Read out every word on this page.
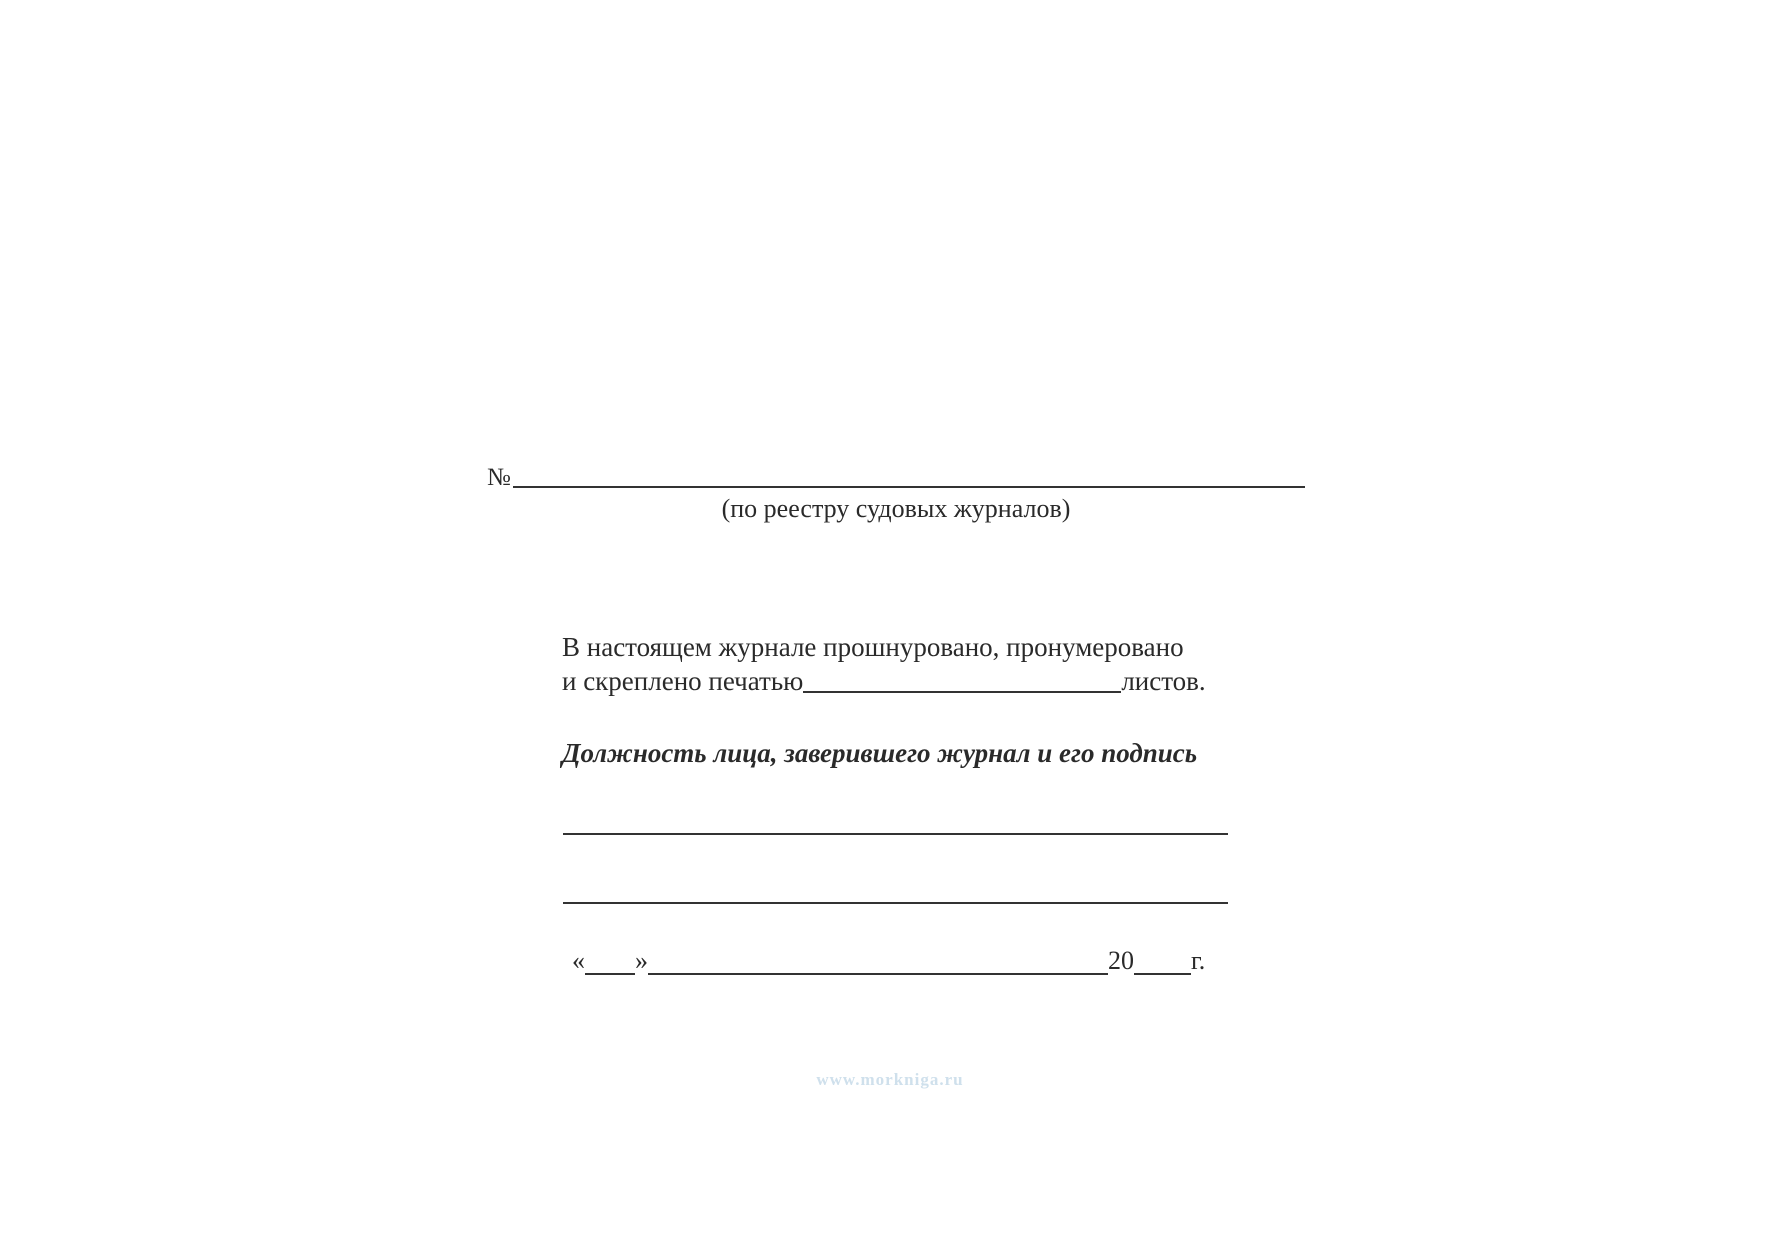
№
(по реестру судовых журналов)
В настоящем журнале прошнуровано, пронумеровано
и скреплено печатью	листов.
Должность лица, заверившего журнал и его подпись
« »	20 г.
www.morkniga.ru
